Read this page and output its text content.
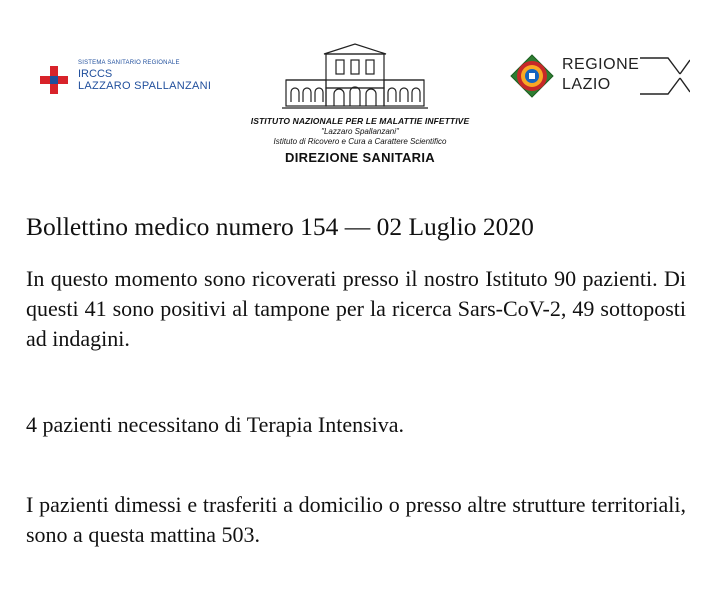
SISTEMA SANITARIO REGIONALE
IRCCS
LAZZARO SPALLANZANI
ISTITUTO NAZIONALE PER LE MALATTIE INFETTIVE
"Lazzaro Spallanzani"
Istituto di Ricovero e Cura a Carattere Scientifico
DIREZIONE SANITARIA
REGIONE
LAZIO
Bollettino medico numero 154 — 02 Luglio 2020
In questo momento sono ricoverati presso il nostro Istituto 90 pazienti. Di questi 41 sono positivi al tampone per la ricerca Sars-CoV-2, 49 sottoposti ad indagini.
4 pazienti necessitano di Terapia Intensiva.
I pazienti dimessi e trasferiti a domicilio o presso altre strutture territoriali, sono a questa mattina 503.
